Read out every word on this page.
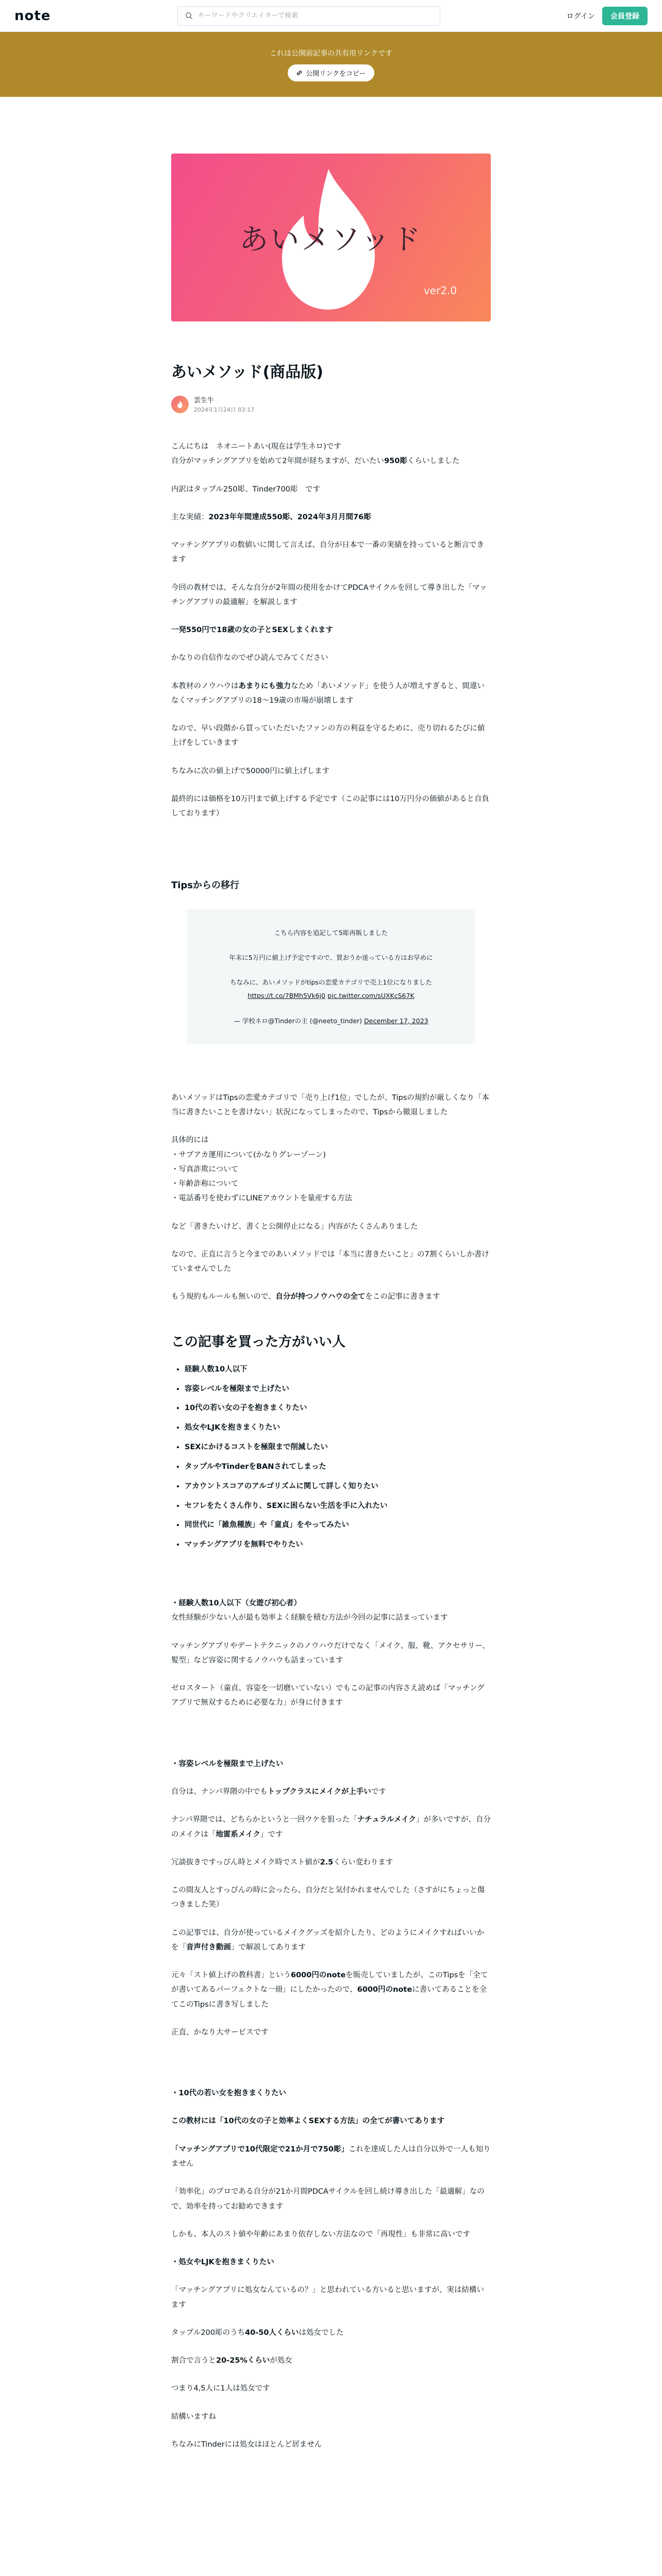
note
キーワードやクリエイターで検索	ログイン	会員登録
これは公開前記事の共有用リンクです
公開リンクをコピー
あいメソッド
ver2.0
あいメソッド(商品版)
雲生牛
2024年1月24日 03:17

こんにちは　ネオニートあい(現在は学生ネロ)です
自分がマッチングアプリを始めて2年間が経ちますが、だいたい950彫くらいしました

内訳はタップル250彫、Tinder700彫　です

主な実績：2023年年間達成550彫、2024年3月月間76彫

マッチングアプリの数値いに関して言えば、自分が日本で一番の実績を持っていると断言できます

今回の教材では、そんな自分が2年間の使用をかけてPDCAサイクルを回して導き出した「マッチングアプリの最適解」を解説します

一発550円で18歳の女の子とSEXしまくれます

かなりの自信作なのでぜひ読んでみてください

本教材のノウハウはあまりにも強力なため「あいメソッド」を使う人が増えすぎると、間違いなくマッチングアプリの18〜19歳の市場が崩壊します

なので、早い段階から買っていただいたファンの方の利益を守るために、売り切れるたびに値上げをしていきます

ちなみに次の値上げで50000円に値上げします

最終的には価格を10万円まで値上げする予定です（この記事には10万円分の価値があると自負しております）

Tipsからの移行

こちら内容を追記して5彫再販しました

年末に5万円に値上げ予定ですので、買おうか迷っている方はお早めに

ちなみに、あいメソッドがtipsの恋愛カテゴリで売上1位になりました https://t.co/7BMh5Vk6j0 pic.twitter.com/sUXKcS67K

— 学校ネロ@Tinderの主 (@neeto_tinder) December 17, 2023

あいメソッドはTipsの恋愛カテゴリで「売り上げ1位」でしたが、Tipsの規約が厳しくなり「本当に書きたいことを書けない」状況になってしまったので、Tipsから撤退しました

具体的には
・サブアカ運用について(かなりグレーゾーン)
・写真詐欺について
・年齢詐称について
・電話番号を使わずにLINEアカウントを量産する方法

など「書きたいけど、書くと公開停止になる」内容がたくさんありました

なので、正直に言うと今までのあいメソッドでは「本当に書きたいこと」の7割くらいしか書けていませんでした

もう規約もルールも無いので、自分が持つノウハウの全てをこの記事に書きます

この記事を買った方がいい人
• 経験人数10人以下
• 容姿レベルを極限まで上げたい
• 10代の若い女の子を抱きまくりたい
• 処女やLJKを抱きまくりたい
• SEXにかけるコストを極限まで削減したい
• タップルやTinderをBANされてしまった
• アカウントスコアのアルゴリズムに関して詳しく知りたい
• セフレをたくさん作り、SEXに困らない生活を手に入れたい
• 同世代に「雑魚種族」や「童貞」をやってみたい
• マッチングアプリを無料でやりたい

・経験人数10人以下（女遊び初心者）
女性経験が少ない人が最も効率よく経験を積む方法が今回の記事に詰まっています

マッチングアプリやデートテクニックのノウハウだけでなく「メイク、服、靴、アクセサリー、髪型」など容姿に関するノウハウも話まっています

ゼロスタート（童貞、容姿を一切磨いていない）でもこの記事の内容さえ読めば「マッチングアプリで無双するために必要な力」が身に付きます

・容姿レベルを極限まで上げたい

自分は、ナンパ界隈の中でもトップクラスにメイクが上手いです

ナンパ界隈では、どちらかというと一回ウケを狙った「ナチュラルメイク」が多いですが、自分のメイクは「地雷系メイク」です

冗談抜きですっぴん時とメイク時でスト値が2.5くらい変わります

この間友人とすっぴんの時に会ったら、自分だと気付かれませんでした（さすがにちょっと傷つきました笑）

この記事では、自分が使っているメイクグッズを紹介したり、どのようにメイクすればいいかを「音声付き動画」で解説してあります

元々「スト値上げの教科書」という6000円のnoteを販売していましたが、このTipsを「全てが書いてあるパーフェクトな一冊」にしたかったので、6000円のnoteに書いてあることを全てこのTipsに書き写しました

正直、かなり大サービスです

・10代の若い女を抱きまくりたい

この教材には「10代の女の子と効率よくSEXする方法」の全てが書いてあります

「マッチングアプリで10代限定で21か月で750彫」これを達成した人は自分以外で一人も知りません

「効率化」のプロである自分が21か月間PDCAサイクルを回し続け導き出した「最適解」なので、効率を持ってお勧めできます

しかも、本人のスト値や年齢にあまり依存しない方法なので「再現性」も非常に高いです

・処女やLJKを抱きまくりたい

「マッチングアプリに処女なんているの？」と思われている方いると思いますが、実は結構います

タップル200彫のうち40-50人くらいは処女でした

割合で言うと20-25%くらいが処女

つまり4,5人に1人は処女です

結構いますね

ちなみにTinderには処女はほとんど居ません
